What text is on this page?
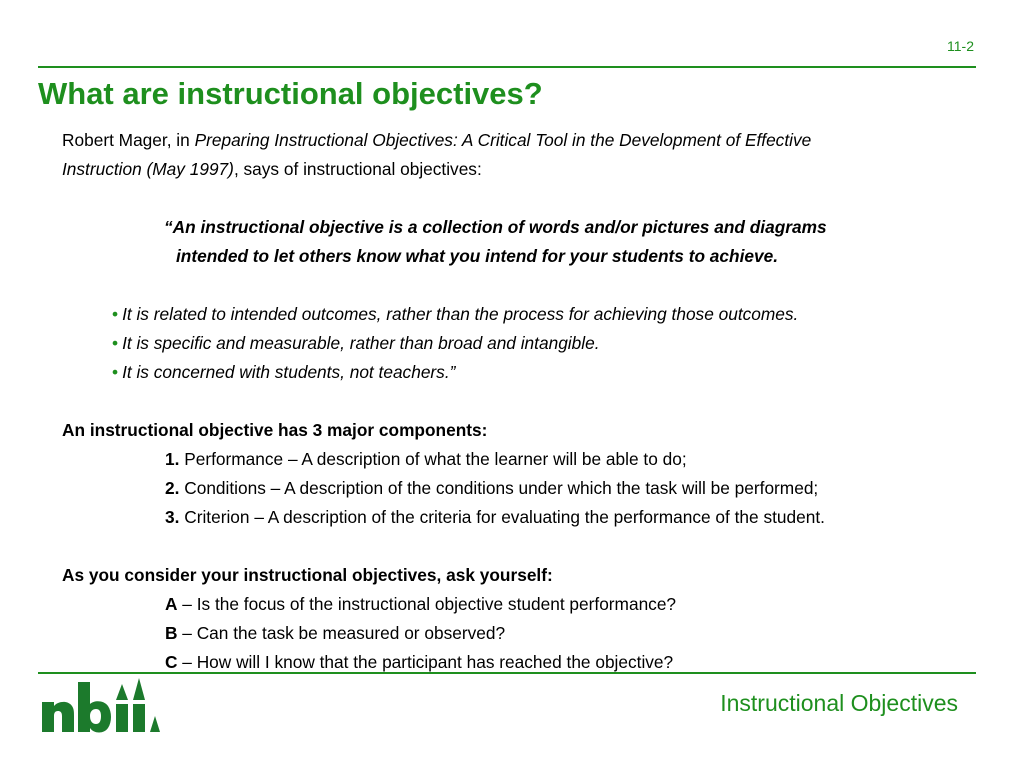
11-2
What are instructional objectives?

Robert Mager, in Preparing Instructional Objectives: A Critical Tool in the Development of Effective

Instruction (May 1997), says of instructional objectives:

“An instructional objective is a collection of words and/or pictures and diagrams

intended to let others know what you intend for your students to achieve.

• It is related to intended outcomes, rather than the process for achieving those outcomes.

• It is specific and measurable, rather than broad and intangible.

• It is concerned with students, not teachers.”

An instructional objective has 3 major components:

1. Performance – A description of what the learner will be able to do;

2. Conditions – A description of the conditions under which the task will be performed;

3. Criterion – A description of the criteria for evaluating the performance of the student.

As you consider your instructional objectives, ask yourself:

A – Is the focus of the instructional objective student performance?

B – Can the task be measured or observed?

C – How will I know that the participant has reached the objective?

Instructional Objectives
